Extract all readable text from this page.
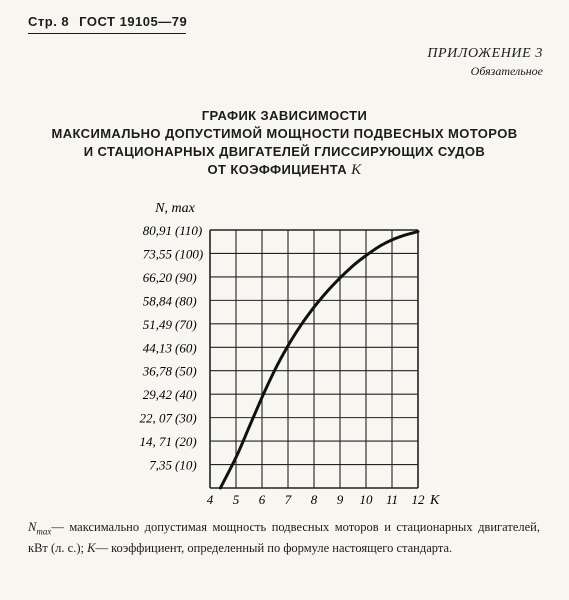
Стр. 8 ГОСТ 19105—79
ПРИЛОЖЕНИЕ 3
Обязательное
ГРАФИК ЗАВИСИМОСТИ
МАКСИМАЛЬНО ДОПУСТИМОЙ МОЩНОСТИ ПОДВЕСНЫХ МОТОРОВ
И СТАЦИОНАРНЫХ ДВИГАТЕЛЕЙ ГЛИССИРУЮЩИХ СУДОВ
ОТ КОЭФФИЦИЕНТА K
7,35 (10)
14, 71 (20)
22, 07 (30)
29,42 (40)
36,78 (50)
44,13 (60)
51,49 (70)
58,84 (80)
66,20 (90)
73,55 (100)
80,91 (110)
4 5 6 7 8 9 10 11 12
N, max
K
$N_{max}—$ максимально допустимая мощность подвесных моторов и стационарных двигателей, кВт (л. с.); K— коэффициент, определенный по формуле настоящего стандарта.
